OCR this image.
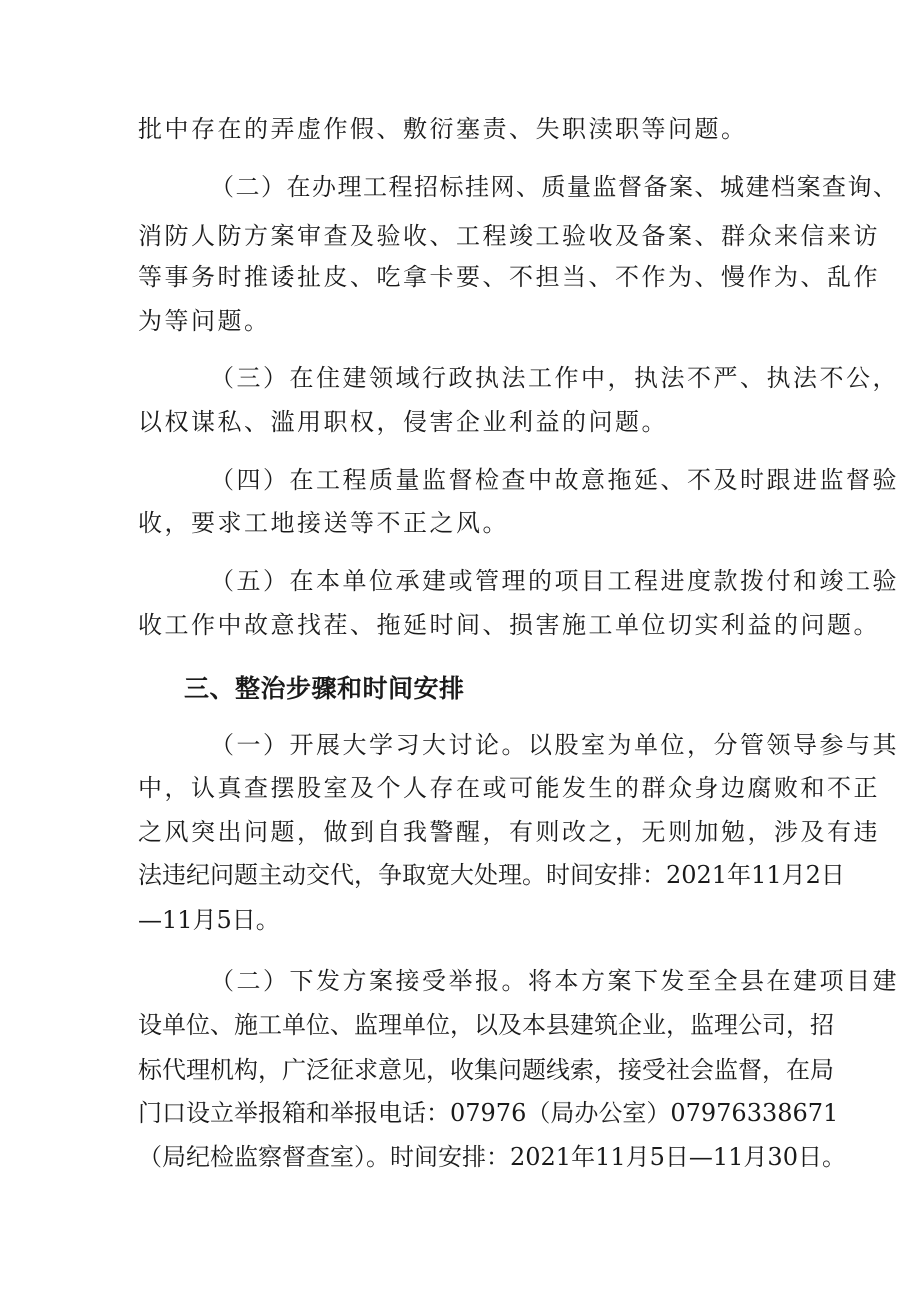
批中存在的弄虚作假、敷衍塞责、失职渎职等问题。
（二）在办理工程招标挂网、质量监督备案、城建档案查询、
消防人防方案审查及验收、工程竣工验收及备案、群众来信来访
等事务时推诿扯皮、吃拿卡要、不担当、不作为、慢作为、乱作
为等问题。
（三）在住建领域行政执法工作中，执法不严、执法不公，
以权谋私、滥用职权，侵害企业利益的问题。
（四）在工程质量监督检查中故意拖延、不及时跟进监督验
收，要求工地接送等不正之风。
（五）在本单位承建或管理的项目工程进度款拨付和竣工验
收工作中故意找茬、拖延时间、损害施工单位切实利益的问题。
三、整治步骤和时间安排
（一）开展大学习大讨论。以股室为单位，分管领导参与其
中，认真查摆股室及个人存在或可能发生的群众身边腐败和不正
之风突出问题，做到自我警醒，有则改之，无则加勉，涉及有违
法违纪问题主动交代，争取宽大处理。时间安排：2021年11月2日
—11月5日。
（二）下发方案接受举报。将本方案下发至全县在建项目建
设单位、施工单位、监理单位，以及本县建筑企业，监理公司，招
标代理机构，广泛征求意见，收集问题线索，接受社会监督，在局
门口设立举报箱和举报电话：07976（局办公室）07976338671
（局纪检监察督查室）。时间安排：2021年11月5日—11月30日。
